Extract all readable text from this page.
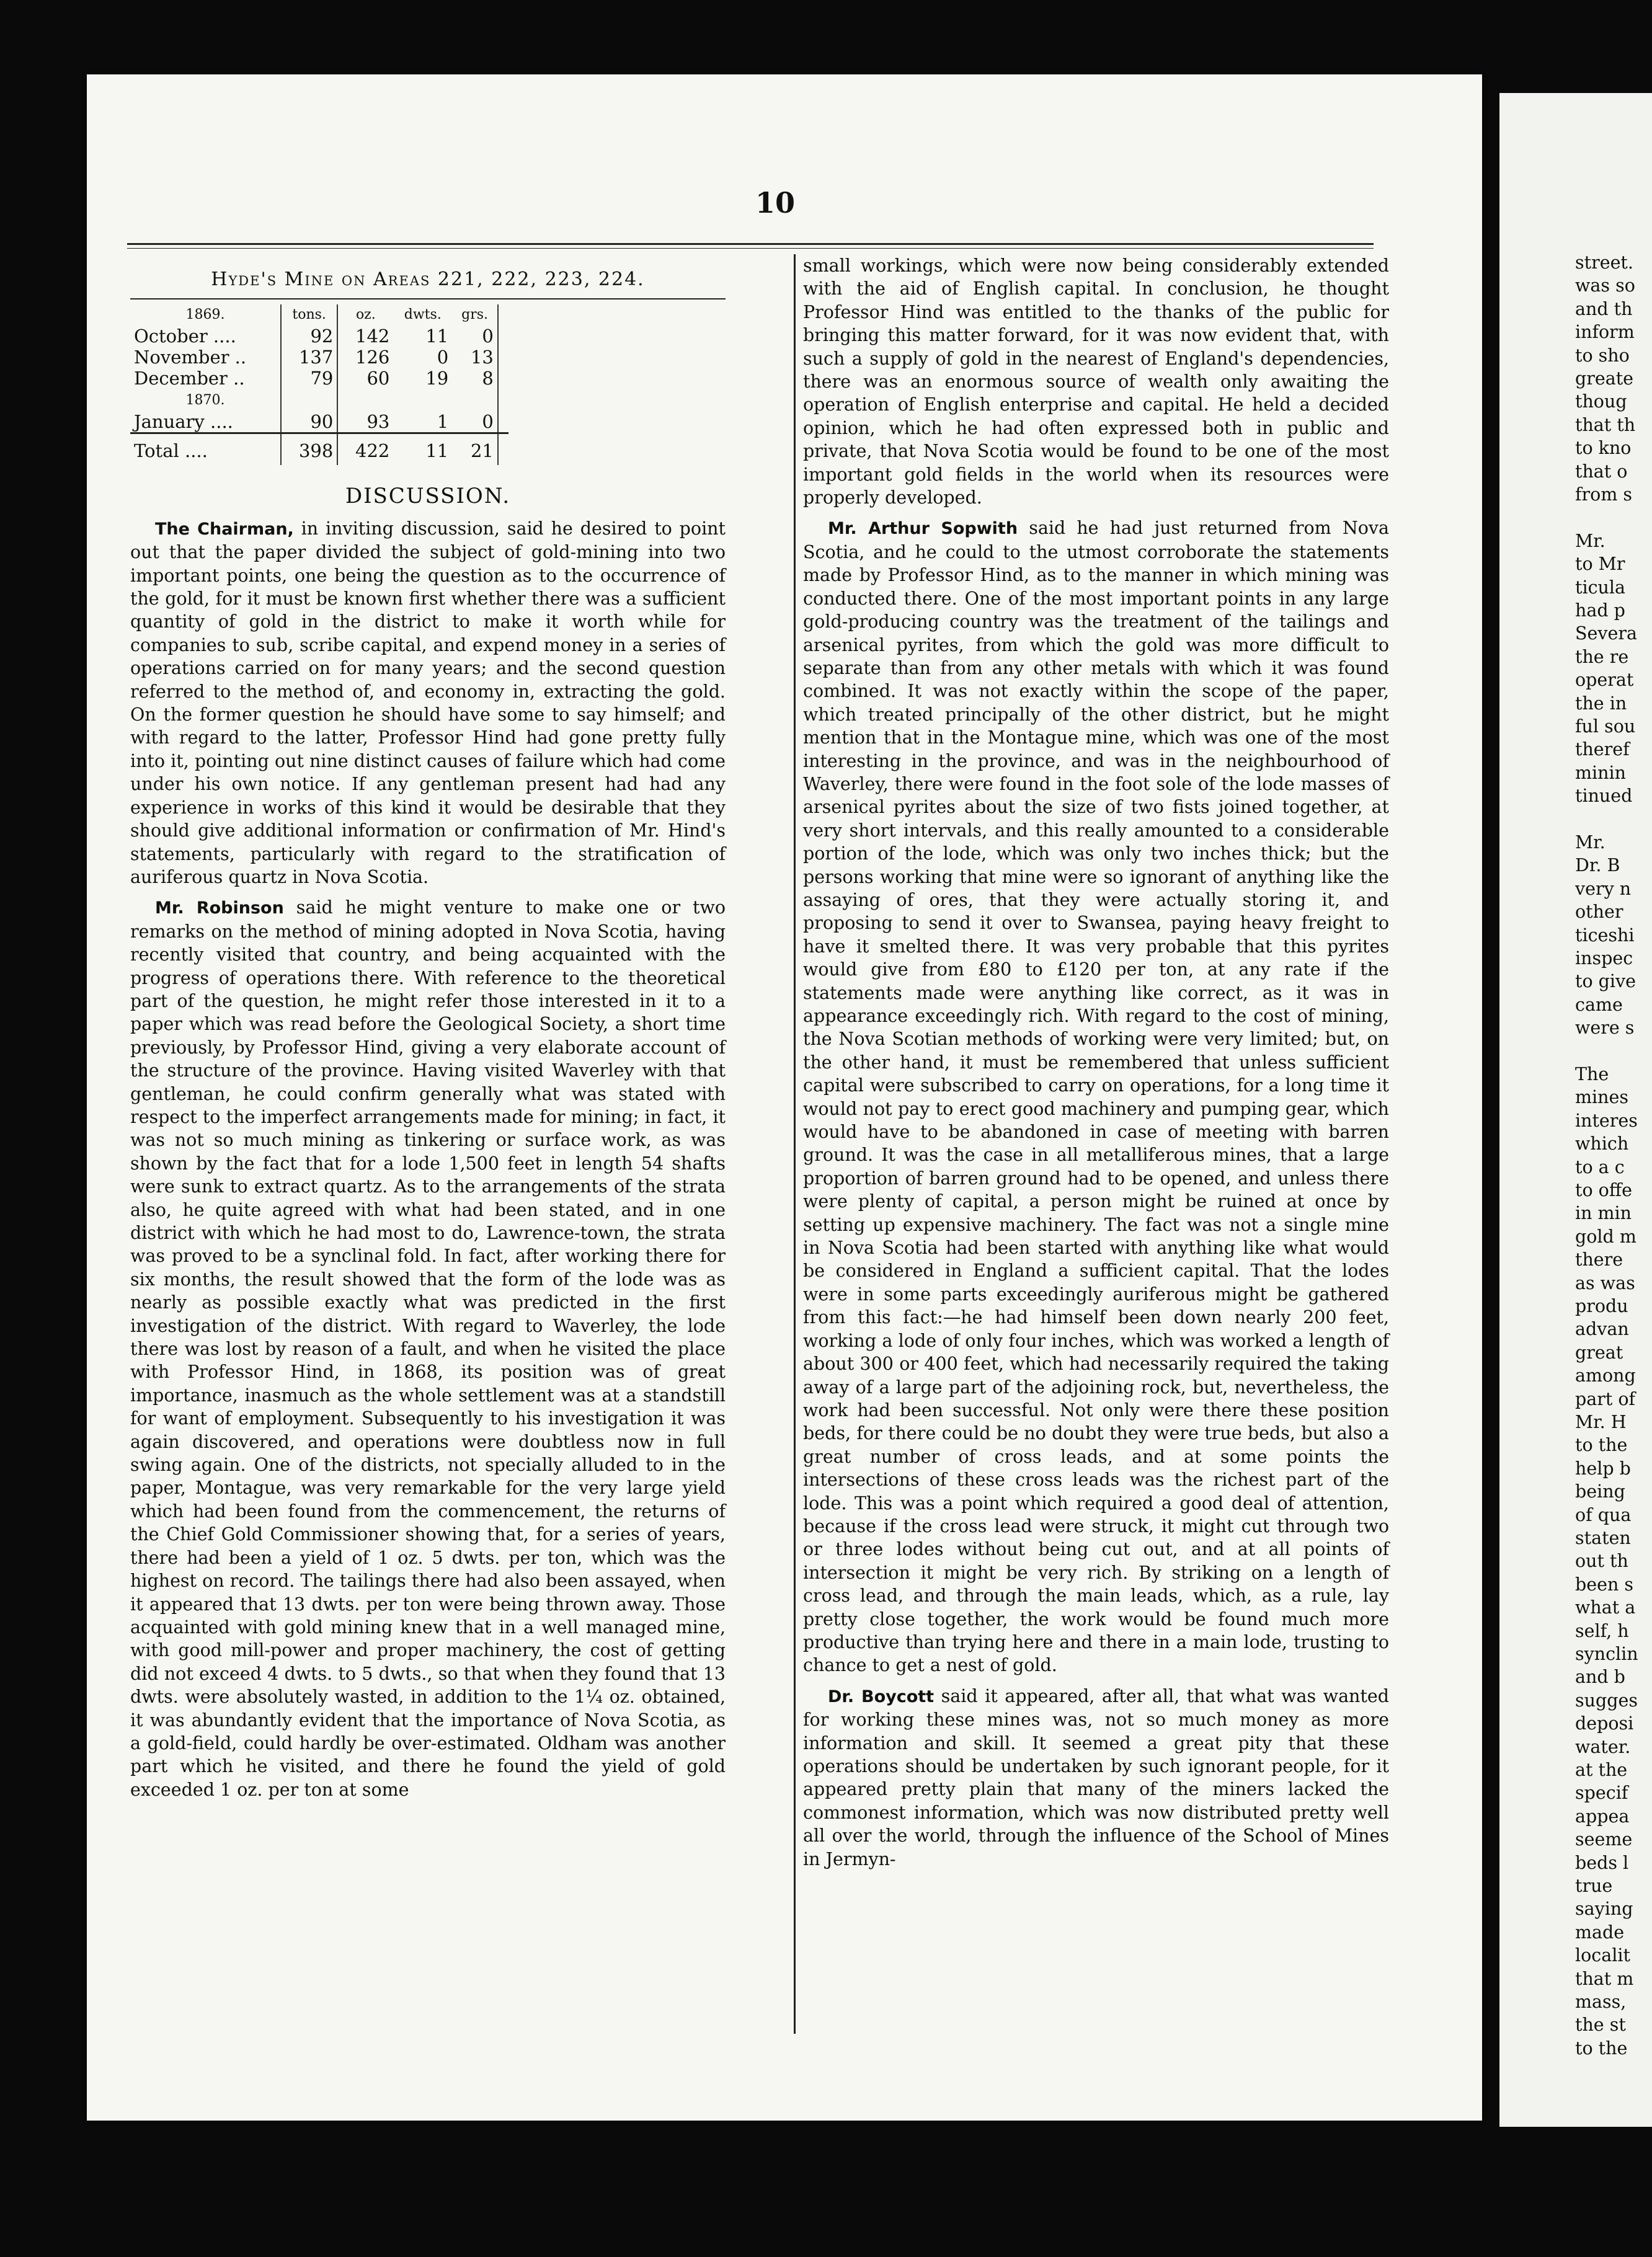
10
Hyde's Mine on Areas 221, 222, 223, 224.
1869.	tons.	oz.	dwts.	grs.	
October ....	92	142	11	0	
November ..	137	126	0	13	
December ..	79	60	19	8	
1870.					
January ....	90	93	1	0	
Total ....	398	422	11	21	
DISCUSSION.

The Chairman, in inviting discussion, said he desired to point out that the paper divided the subject of gold-mining into two important points, one being the question as to the occurrence of the gold, for it must be known first whether there was a sufficient quantity of gold in the district to make it worth while for companies to sub, scribe capital, and expend money in a series of operations carried on for many years; and the second question referred to the method of, and economy in, extracting the gold. On the former question he should have some to say himself; and with regard to the latter, Professor Hind had gone pretty fully into it, pointing out nine distinct causes of failure which had come under his own notice. If any gentleman present had had any experience in works of this kind it would be desirable that they should give additional information or confirmation of Mr. Hind's statements, particularly with regard to the stratification of auriferous quartz in Nova Scotia.

Mr. Robinson said he might venture to make one or two remarks on the method of mining adopted in Nova Scotia, having recently visited that country, and being acquainted with the progress of operations there. With reference to the theoretical part of the question, he might refer those interested in it to a paper which was read before the Geological Society, a short time previously, by Professor Hind, giving a very elaborate account of the structure of the province. Having visited Waverley with that gentleman, he could confirm generally what was stated with respect to the imperfect arrangements made for mining; in fact, it was not so much mining as tinkering or surface work, as was shown by the fact that for a lode 1,500 feet in length 54 shafts were sunk to extract quartz. As to the arrangements of the strata also, he quite agreed with what had been stated, and in one district with which he had most to do, Lawrence-town, the strata was proved to be a synclinal fold. In fact, after working there for six months, the result showed that the form of the lode was as nearly as possible exactly what was predicted in the first investigation of the district. With regard to Waverley, the lode there was lost by reason of a fault, and when he visited the place with Professor Hind, in 1868, its position was of great importance, inasmuch as the whole settlement was at a standstill for want of employment. Subsequently to his investigation it was again discovered, and operations were doubtless now in full swing again. One of the districts, not specially alluded to in the paper, Montague, was very remarkable for the very large yield which had been found from the commencement, the returns of the Chief Gold Commissioner showing that, for a series of years, there had been a yield of 1 oz. 5 dwts. per ton, which was the highest on record. The tailings there had also been assayed, when it appeared that 13 dwts. per ton were being thrown away. Those acquainted with gold mining knew that in a well managed mine, with good mill-power and proper machinery, the cost of getting did not exceed 4 dwts. to 5 dwts., so that when they found that 13 dwts. were absolutely wasted, in addition to the 1¼ oz. obtained, it was abundantly evident that the importance of Nova Scotia, as a gold-field, could hardly be over-estimated. Oldham was another part which he visited, and there he found the yield of gold exceeded 1 oz. per ton at some

small workings, which were now being considerably extended with the aid of English capital. In conclusion, he thought Professor Hind was entitled to the thanks of the public for bringing this matter forward, for it was now evident that, with such a supply of gold in the nearest of England's dependencies, there was an enormous source of wealth only awaiting the operation of English enterprise and capital. He held a decided opinion, which he had often expressed both in public and private, that Nova Scotia would be found to be one of the most important gold fields in the world when its resources were properly developed.

Mr. Arthur Sopwith said he had just returned from Nova Scotia, and he could to the utmost corroborate the statements made by Professor Hind, as to the manner in which mining was conducted there. One of the most important points in any large gold-producing country was the treatment of the tailings and arsenical pyrites, from which the gold was more difficult to separate than from any other metals with which it was found combined. It was not exactly within the scope of the paper, which treated principally of the other district, but he might mention that in the Montague mine, which was one of the most interesting in the province, and was in the neighbourhood of Waverley, there were found in the foot sole of the lode masses of arsenical pyrites about the size of two fists joined together, at very short intervals, and this really amounted to a considerable portion of the lode, which was only two inches thick; but the persons working that mine were so ignorant of anything like the assaying of ores, that they were actually storing it, and proposing to send it over to Swansea, paying heavy freight to have it smelted there. It was very probable that this pyrites would give from £80 to £120 per ton, at any rate if the statements made were anything like correct, as it was in appearance exceedingly rich. With regard to the cost of mining, the Nova Scotian methods of working were very limited; but, on the other hand, it must be remembered that unless sufficient capital were subscribed to carry on operations, for a long time it would not pay to erect good machinery and pumping gear, which would have to be abandoned in case of meeting with barren ground. It was the case in all metalliferous mines, that a large proportion of barren ground had to be opened, and unless there were plenty of capital, a person might be ruined at once by setting up expensive machinery. The fact was not a single mine in Nova Scotia had been started with anything like what would be considered in England a sufficient capital. That the lodes were in some parts exceedingly auriferous might be gathered from this fact:—he had himself been down nearly 200 feet, working a lode of only four inches, which was worked a length of about 300 or 400 feet, which had necessarily required the taking away of a large part of the adjoining rock, but, nevertheless, the work had been successful. Not only were there these position beds, for there could be no doubt they were true beds, but also a great number of cross leads, and at some points the intersections of these cross leads was the richest part of the lode. This was a point which required a good deal of attention, because if the cross lead were struck, it might cut through two or three lodes without being cut out, and at all points of intersection it might be very rich. By striking on a length of cross lead, and through the main leads, which, as a rule, lay pretty close together, the work would be found much more productive than trying here and there in a main lode, trusting to chance to get a nest of gold.

Dr. Boycott said it appeared, after all, that what was wanted for working these mines was, not so much money as more information and skill. It seemed a great pity that these operations should be undertaken by such ignorant people, for it appeared pretty plain that many of the miners lacked the commonest information, which was now distributed pretty well all over the world, through the influence of the School of Mines in Jermyn-

street.
was so
and th
inform
to sho
greate
thoug
that th
to kno
that o
from s
Mr.
to Mr
ticula
had p
Severa
the re
operat
the in
ful sou
theref
minin
tinued
Mr.
Dr. B
very n
other
ticeshi
inspec
to give
came
were s
The
mines
interes
which
to a c
to offe
in min
gold m
there
as was
produ
advan
great
among
part of
Mr. H
to the
help b
being
of qua
staten
out th
been s
what a
self, h
synclin
and b
sugges
deposi
water.
at the
specif
appea
seeme
beds l
true
saying
made
localit
that m
mass,
the st
to the
